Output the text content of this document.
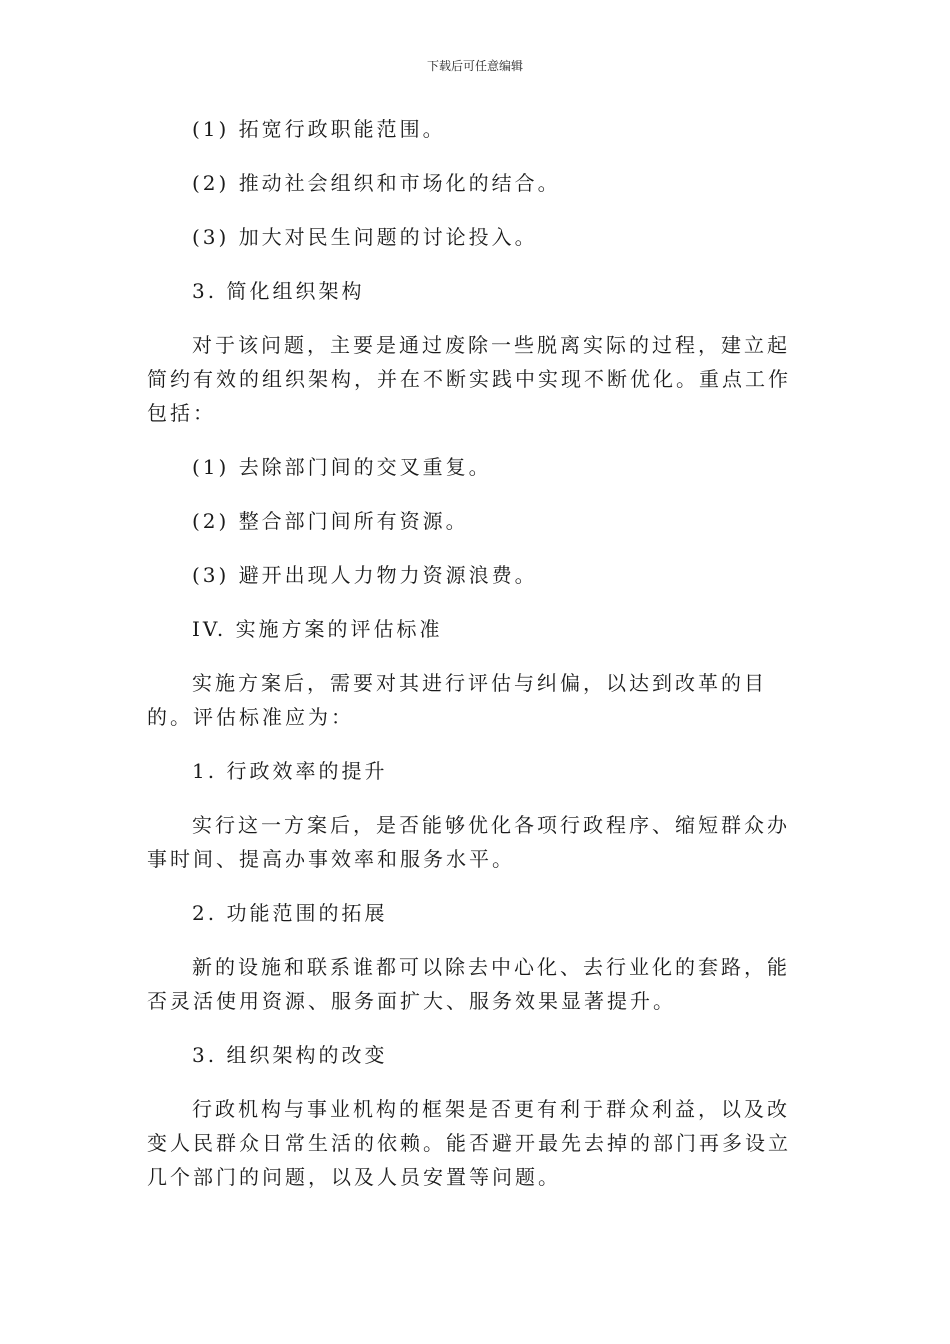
下载后可任意编辑

(1) 拓宽行政职能范围。

(2) 推动社会组织和市场化的结合。

(3) 加大对民生问题的讨论投入。

3. 简化组织架构

对于该问题，主要是通过废除一些脱离实际的过程，建立起简约有效的组织架构，并在不断实践中实现不断优化。重点工作包括：

(1) 去除部门间的交叉重复。

(2) 整合部门间所有资源。

(3) 避开出现人力物力资源浪费。

IV. 实施方案的评估标准

实施方案后，需要对其进行评估与纠偏，以达到改革的目的。评估标准应为：

1. 行政效率的提升

实行这一方案后，是否能够优化各项行政程序、缩短群众办事时间、提高办事效率和服务水平。

2. 功能范围的拓展

新的设施和联系谁都可以除去中心化、去行业化的套路，能否灵活使用资源、服务面扩大、服务效果显著提升。

3. 组织架构的改变

行政机构与事业机构的框架是否更有利于群众利益，以及改变人民群众日常生活的依赖。能否避开最先去掉的部门再多设立几个部门的问题，以及人员安置等问题。
